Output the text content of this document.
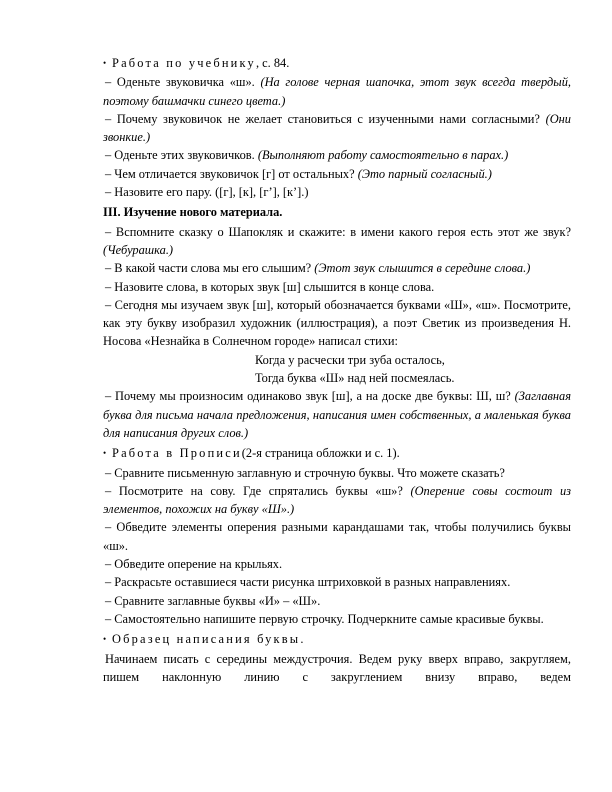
• Работа по учебнику, с. 84.

– Оденьте звуковичка «ш». (На голове черная шапочка, этот звук всегда твердый, поэтому башмачки синего цвета.)

– Почему звуковичок не желает становиться с изученными нами согласными? (Они звонкие.)

– Оденьте этих звуковичков. (Выполняют работу самостоятельно в парах.)

– Чем отличается звуковичок [г] от остальных? (Это парный согласный.)

– Назовите его пару. ([г], [к], [г’], [к’].)

III. Изучение нового материала.

– Вспомните сказку о Шапокляк и скажите: в имени какого героя есть этот же звук? (Чебурашка.)

– В какой части слова мы его слышим? (Этот звук слышится в середине слова.)

– Назовите слова, в которых звук [ш] слышится в конце слова.

– Сегодня мы изучаем звук [ш], который обозначается буквами «Ш», «ш». Посмотрите, как эту букву изобразил художник (иллюстрация), а поэт Светик из произведения Н. Носова «Незнайка в Солнечном городе» написал стихи:

Когда у расчески три зуба осталось,

Тогда буква «Ш» над ней посмеялась.

– Почему мы произносим одинаково звук [ш], а на доске две буквы: Ш, ш? (Заглавная буква для письма начала предложения, написания имен собственных, а маленькая буква для написания других слов.)

• Работа в Прописи(2-я страница обложки и с. 1).

– Сравните письменную заглавную и строчную буквы. Что можете сказать?

– Посмотрите на сову. Где спрятались буквы «ш»? (Оперение совы состоит из элементов, похожих на букву «Ш».)

– Обведите элементы оперения разными карандашами так, чтобы получились буквы «ш».

– Обведите оперение на крыльях.

– Раскрасьте оставшиеся части рисунка штриховкой в разных направлениях.

– Сравните заглавные буквы «И» – «Ш».

– Самостоятельно напишите первую строчку. Подчеркните самые красивые буквы.

• Образец написания буквы.

Начинаем писать с середины междустрочия. Ведем руку вверх вправо, закругляем, пишем наклонную линию с закруглением внизу вправо, ведем
